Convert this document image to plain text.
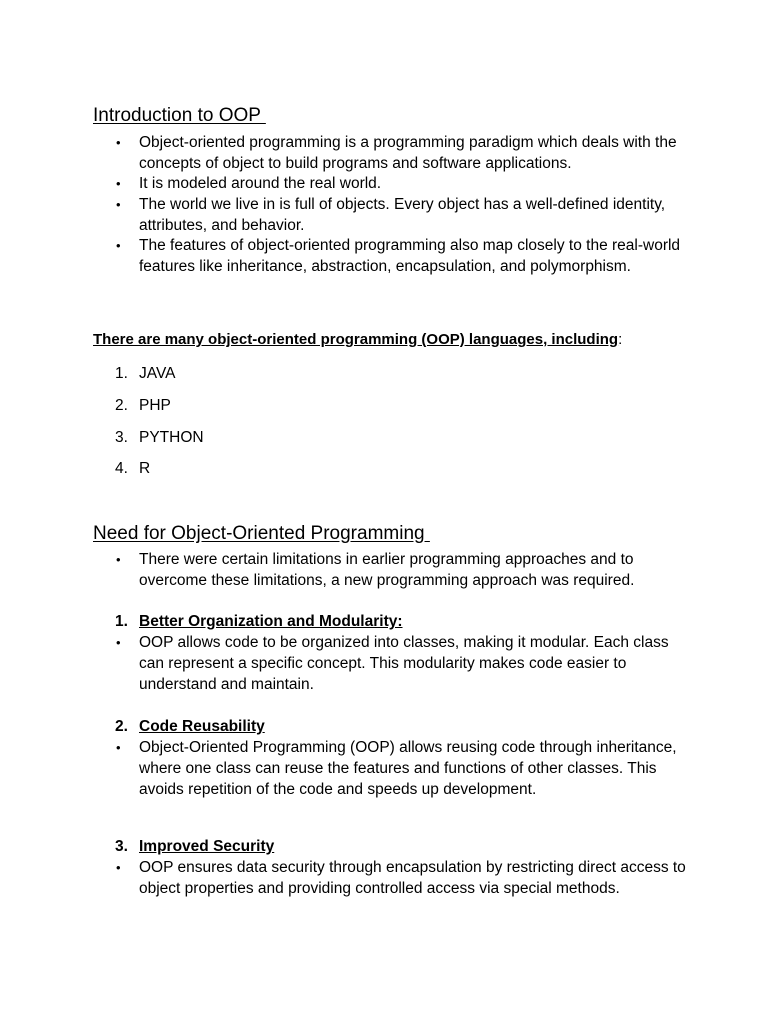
Introduction to OOP
•	Object-oriented programming is a programming paradigm which deals with the concepts of object to build programs and software applications.
•	It is modeled around the real world.
•	The world we live in is full of objects. Every object has a well-defined identity, attributes, and behavior.
•	The features of object-oriented programming also map closely to the real-world features like inheritance, abstraction, encapsulation, and polymorphism.
There are many object-oriented programming (OOP) languages, including:
1. JAVA
2. PHP
3. PYTHON
4. R
Need for Object-Oriented Programming
•	There were certain limitations in earlier programming approaches and to overcome these limitations, a new programming approach was required.
1. Better Organization and Modularity:
•	OOP allows code to be organized into classes, making it modular. Each class can represent a specific concept. This modularity makes code easier to understand and maintain.
2. Code Reusability
•	Object-Oriented Programming (OOP) allows reusing code through inheritance, where one class can reuse the features and functions of other classes. This avoids repetition of the code and speeds up development.
3. Improved Security
•	OOP ensures data security through encapsulation by restricting direct access to object properties and providing controlled access via special methods.
